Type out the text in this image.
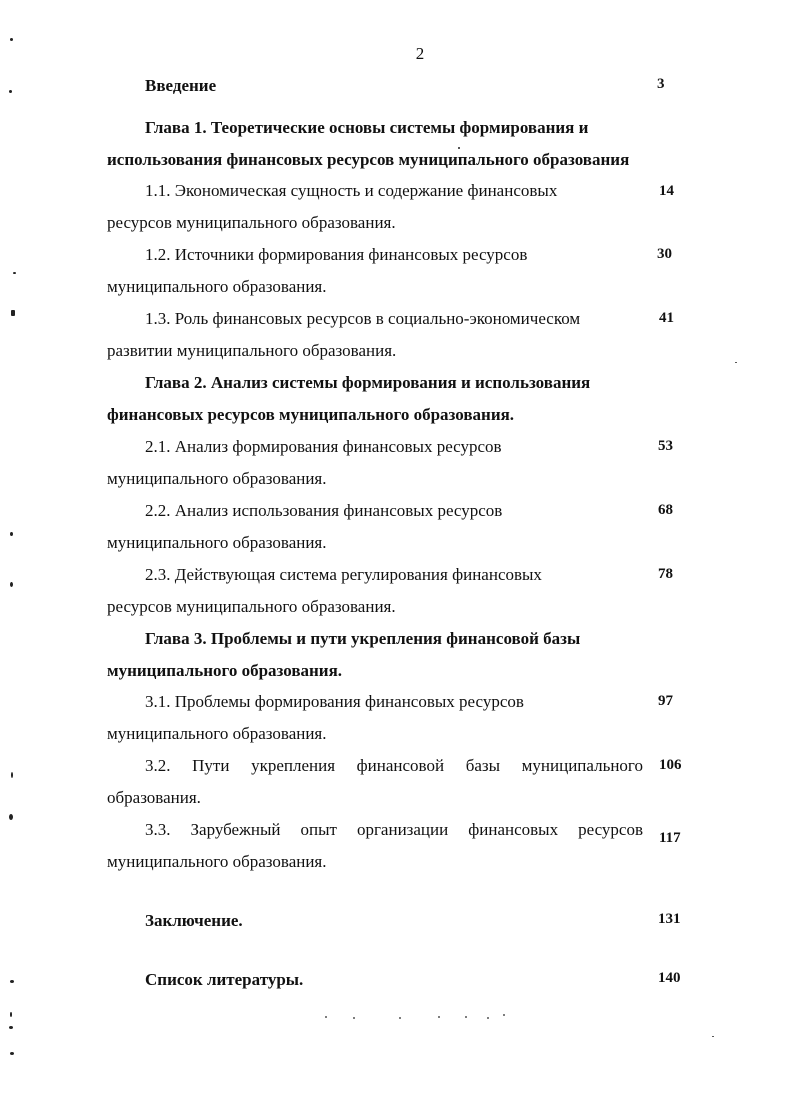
2
Введение	3
Глава 1. Теоретические основы системы формирования и
использования финансовых ресурсов муниципального образования
1.1. Экономическая сущность и содержание финансовых	14
ресурсов муниципального образования.
1.2. Источники формирования финансовых ресурсов	30
муниципального образования.
1.3. Роль финансовых ресурсов в социально-экономическом	41
развитии муниципального образования.
Глава 2. Анализ системы формирования и использования
финансовых ресурсов муниципального образования.
2.1. Анализ формирования финансовых ресурсов	53
муниципального образования.
2.2. Анализ использования финансовых ресурсов	68
муниципального образования.
2.3. Действующая система регулирования финансовых	78
ресурсов муниципального образования.
Глава 3. Проблемы и пути укрепления финансовой базы
муниципального образования.
3.1. Проблемы формирования финансовых ресурсов	97
муниципального образования.
3.2. Пути укрепления финансовой базы муниципального 106
образования.
3.3. Зарубежный опыт организации финансовых ресурсов 117
муниципального образования.
Заключение.	131
Список литературы.	140
